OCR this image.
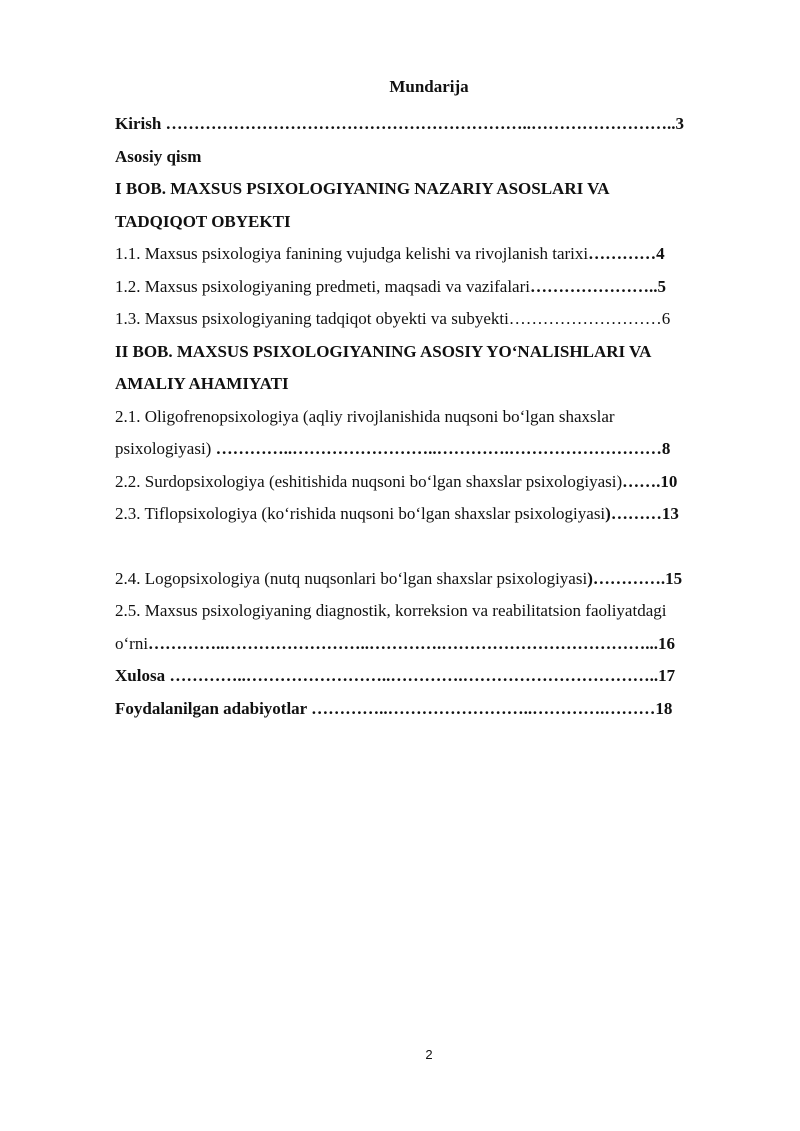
Mundarija
Kirish ………………………………………………………..……………………..3
Asosiy qism
I BOB. MAXSUS PSIXOLOGIYANING NAZARIY ASOSLARI VA
TADQIQOT OBYEKTI
1.1. Maxsus psixologiya fanining vujudga kelishi va rivojlanish tarixi…………4
1.2. Maxsus psixologiyaning predmeti, maqsadi va vazifalari…………………..5
1.3. Maxsus psixologiyaning tadqiqot obyekti va subyekti………………………6
II BOB. MAXSUS PSIXOLOGIYANING ASOSIY YO‘NALISHLARI VA
AMALIY AHAMIYATI
2.1. Oligofrenopsixologiya (aqliy rivojlanishida nuqsoni bo‘lgan shaxslar
psixologiyasi) …………..……………………..………….………………………8
2.2. Surdopsixologiya (eshitishida nuqsoni bo‘lgan shaxslar psixologiyasi)…….10
2.3. Tiflopsixologiya (ko‘rishida nuqsoni bo‘lgan shaxslar psixologiyasi)………13
2.4. Logopsixologiya (nutq nuqsonlari bo‘lgan shaxslar psixologiyasi)………….15
2.5. Maxsus psixologiyaning diagnostik, korreksion va reabilitatsion faoliyatdagi
o‘rni…………..……………………..………….………………………………...16
Xulosa …………..……………………..………….……………………………..17
Foydalanilgan adabiyotlar …………..……………………..………….………18
2
